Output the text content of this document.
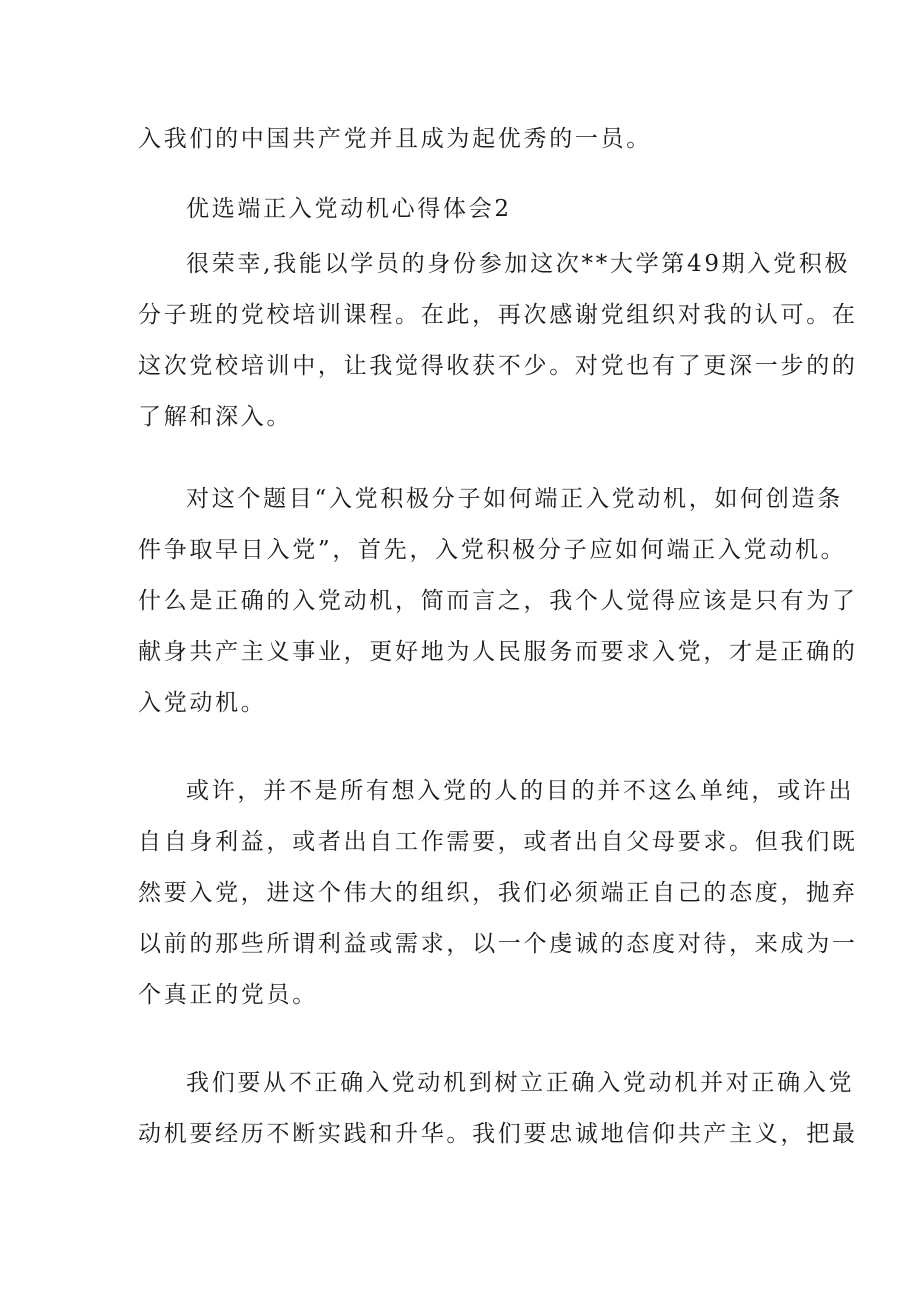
入我们的中国共产党并且成为起优秀的一员。

优选端正入党动机心得体会2

很荣幸,我能以学员的身份参加这次**大学第49期入党积极
分子班的党校培训课程。在此，再次感谢党组织对我的认可。在
这次党校培训中，让我觉得收获不少。对党也有了更深一步的的
了解和深入。

对这个题目“入党积极分子如何端正入党动机，如何创造条
件争取早日入党”，首先，入党积极分子应如何端正入党动机。
什么是正确的入党动机，简而言之，我个人觉得应该是只有为了
献身共产主义事业，更好地为人民服务而要求入党，才是正确的
入党动机。

或许，并不是所有想入党的人的目的并不这么单纯，或许出
自自身利益，或者出自工作需要，或者出自父母要求。但我们既
然要入党，进这个伟大的组织，我们必须端正自己的态度，抛弃
以前的那些所谓利益或需求，以一个虔诚的态度对待，来成为一
个真正的党员。

我们要从不正确入党动机到树立正确入党动机并对正确入党
动机要经历不断实践和升华。我们要忠诚地信仰共产主义，把最
